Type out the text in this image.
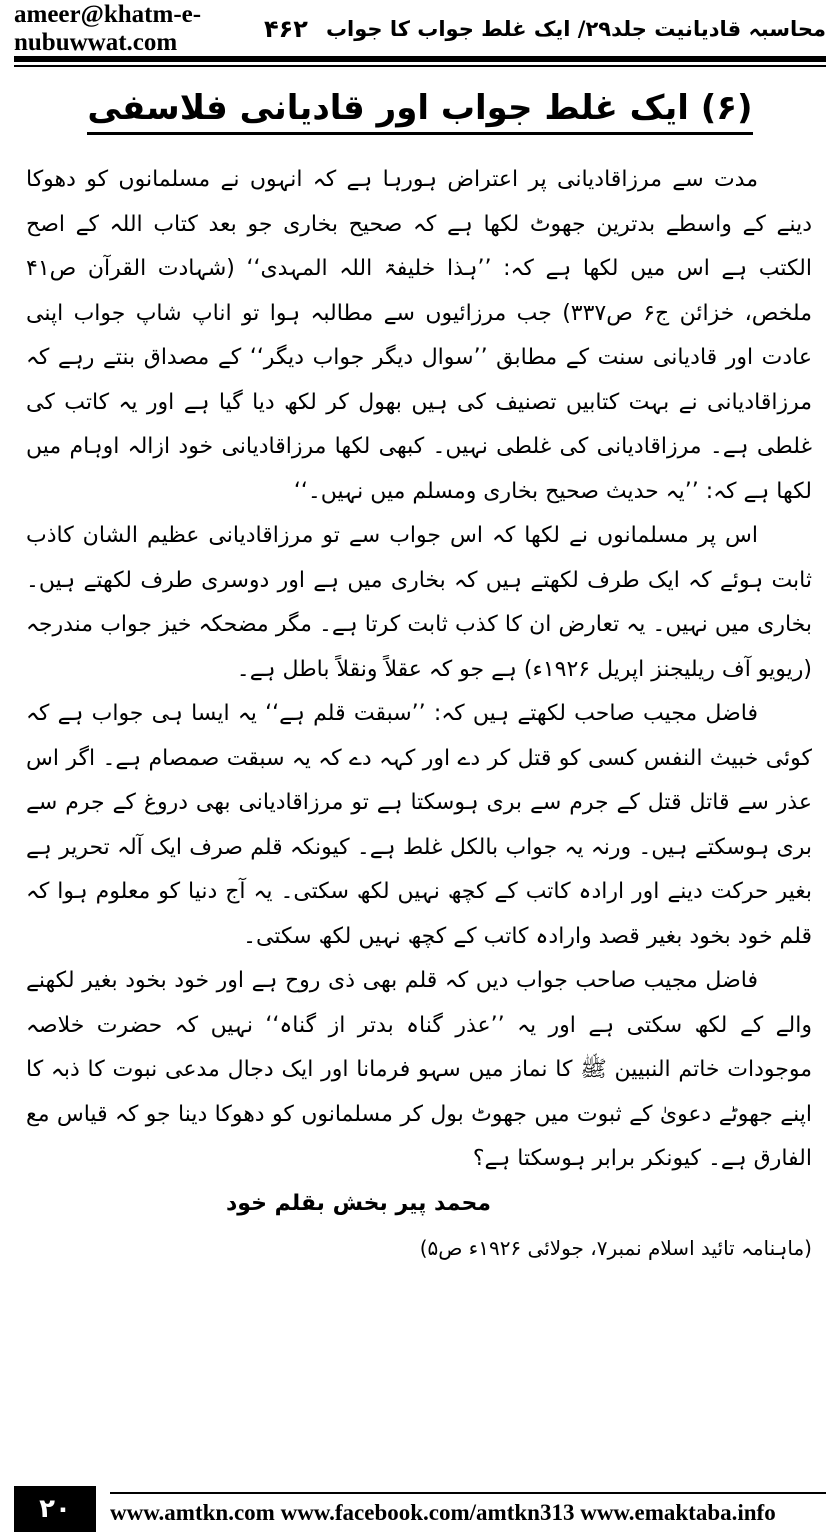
ameer@khatm-e-nubuwwat.com	محاسبہ قادیانیت جلد۲۹/ ایک غلط جواب کا جواب
۴۶۲
(۶) ایک غلط جواب اور قادیانی فلاسفی

مدت سے مرزاقادیانی پر اعتراض ہورہا ہے کہ انہوں نے مسلمانوں کو دھوکا دینے کے واسطے بدترین جھوٹ لکھا ہے کہ صحیح بخاری جو بعد کتاب اللہ کے اصح الکتب ہے اس میں لکھا ہے کہ: ’’ہذا خلیفۃ اللہ المہدی‘‘ (شہادت القرآن ص۴۱ ملخص، خزائن ج۶ ص۳۳۷) جب مرزائیوں سے مطالبہ ہوا تو اناپ شاپ جواب اپنی عادت اور قادیانی سنت کے مطابق ’’سوال دیگر جواب دیگر‘‘ کے مصداق بنتے رہے کہ مرزاقادیانی نے بہت کتابیں تصنیف کی ہیں بھول کر لکھ دیا گیا ہے اور یہ کاتب کی غلطی ہے۔ مرزاقادیانی کی غلطی نہیں۔ کبھی لکھا مرزاقادیانی خود ازالہ اوہام میں لکھا ہے کہ: ’’یہ حدیث صحیح بخاری ومسلم میں نہیں۔‘‘

اس پر مسلمانوں نے لکھا کہ اس جواب سے تو مرزاقادیانی عظیم الشان کاذب ثابت ہوئے کہ ایک طرف لکھتے ہیں کہ بخاری میں ہے اور دوسری طرف لکھتے ہیں۔ بخاری میں نہیں۔ یہ تعارض ان کا کذب ثابت کرتا ہے۔ مگر مضحکہ خیز جواب مندرجہ (ریویو آف ریلیجنز اپریل ۱۹۲۶ء) ہے جو کہ عقلاً ونقلاً باطل ہے۔

فاضل مجیب صاحب لکھتے ہیں کہ: ’’سبقت قلم ہے‘‘ یہ ایسا ہی جواب ہے کہ کوئی خبیث النفس کسی کو قتل کر دے اور کہہ دے کہ یہ سبقت صمصام ہے۔ اگر اس عذر سے قاتل قتل کے جرم سے بری ہوسکتا ہے تو مرزاقادیانی بھی دروغ کے جرم سے بری ہوسکتے ہیں۔ ورنہ یہ جواب بالکل غلط ہے۔ کیونکہ قلم صرف ایک آلہ تحریر ہے بغیر حرکت دینے اور ارادہ کاتب کے کچھ نہیں لکھ سکتی۔ یہ آج دنیا کو معلوم ہوا کہ قلم خود بخود بغیر قصد وارادہ کاتب کے کچھ نہیں لکھ سکتی۔

فاضل مجیب صاحب جواب دیں کہ قلم بھی ذی روح ہے اور خود بخود بغیر لکھنے والے کے لکھ سکتی ہے اور یہ ’’عذر گناہ بدتر از گناہ‘‘ نہیں کہ حضرت خلاصہ موجودات خاتم النبیین ﷺ کا نماز میں سہو فرمانا اور ایک دجال مدعی نبوت کا ذبہ کا اپنے جھوٹے دعویٰ کے ثبوت میں جھوٹ بول کر مسلمانوں کو دھوکا دینا جو کہ قیاس مع الفارق ہے۔ کیونکر برابر ہوسکتا ہے؟

محمد پیر بخش بقلم خود

(ماہنامہ تائید اسلام نمبر۷، جولائی ۱۹۲۶ء ص۵)

۲۰	www.amtkn.com www.facebook.com/amtkn313 www.emaktaba.info
